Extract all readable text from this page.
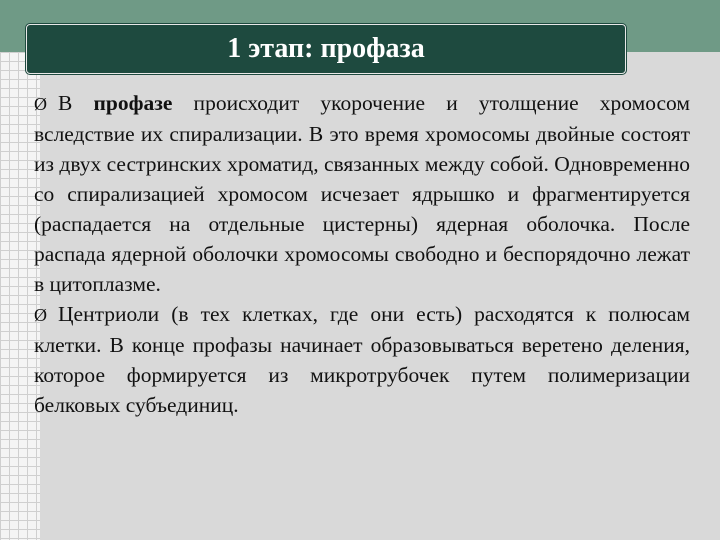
1 этап: профаза

Ø В профазе происходит укорочение и утолщение хромосом вследствие их спирализации. В это время хромосомы двойные состоят из двух сестринских хроматид, связанных между собой. Одновременно со спирализацией хромосом исчезает ядрышко и фрагментируется (распадается на отдельные цистерны) ядерная оболочка. После распада ядерной оболочки хромосомы свободно и беспорядочно лежат в цитоплазме.

Ø Центриоли (в тех клетках, где они есть) расходятся к полюсам клетки. В конце профазы начинает образовываться веретено деления, которое формируется из микротрубочек путем полимеризации белковых субъединиц.
